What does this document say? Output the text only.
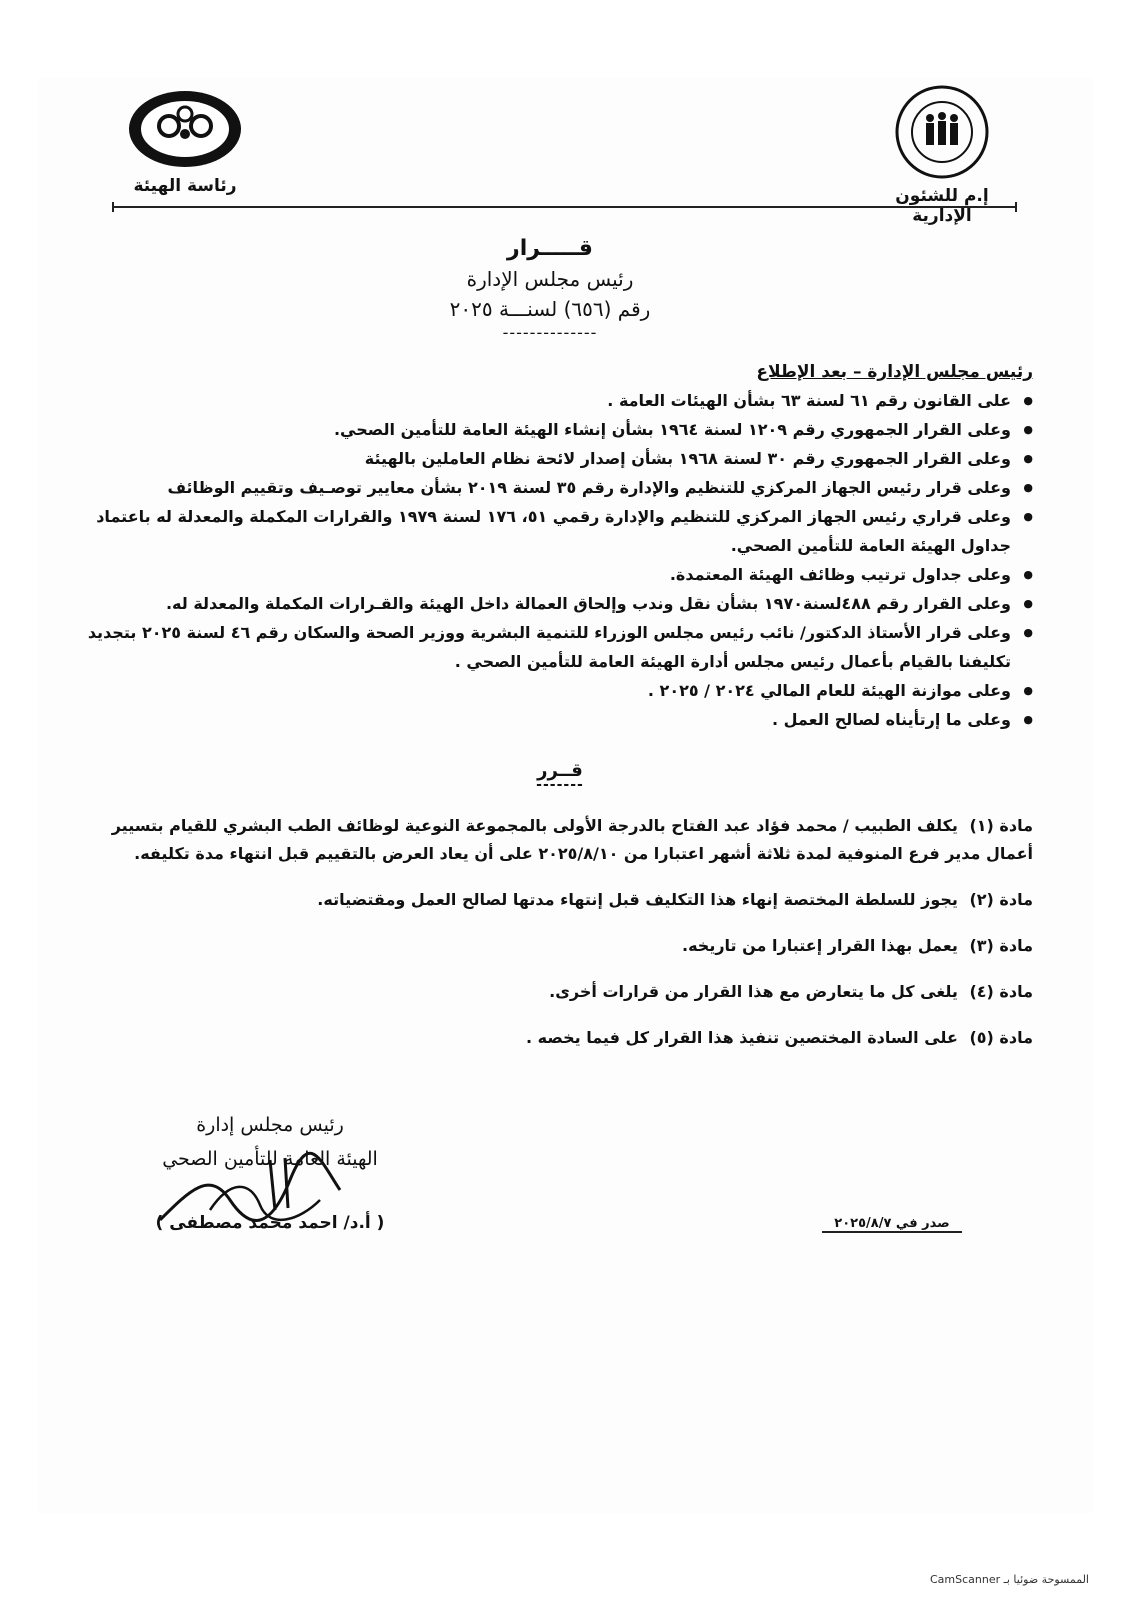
رئاسة الهيئة	إ.م للشئون الإدارية
قـــــرار
رئيس مجلس الإدارة
رقم (٦٥٦) لسنـــة ٢٠٢٥
--------------
رئيس مجلس الإدارة – بعد الإطلاع
● على القانون رقم ٦١ لسنة ٦٣ بشأن الهيئات العامة .
● وعلى القرار الجمهوري رقم ١٢٠٩ لسنة ١٩٦٤ بشأن إنشاء الهيئة العامة للتأمين الصحي.
● وعلى القرار الجمهوري رقم ٣٠ لسنة ١٩٦٨ بشأن إصدار لائحة نظام العاملين بالهيئة
● وعلى قرار رئيس الجهاز المركزي للتنظيم والإدارة رقم ٣٥ لسنة ٢٠١٩ بشأن معايير توصـيف وتقييم الوظائف
● وعلى قراري رئيس الجهاز المركزي للتنظيم والإدارة رقمي ٥١، ١٧٦ لسنة ١٩٧٩ والقرارات المكملة والمعدلة له باعتماد جداول الهيئة العامة للتأمين الصحي.
● وعلى جداول ترتيب وظائف الهيئة المعتمدة.
● وعلى القرار رقم ٤٨٨لسنة١٩٧٠ بشأن نقل وندب وإلحاق العمالة داخل الهيئة والقـرارات المكملة والمعدلة له.
● وعلى قرار الأستاذ الدكتور/ نائب رئيس مجلس الوزراء للتنمية البشرية ووزير الصحة والسكان رقم ٤٦ لسنة ٢٠٢٥ بتجديد تكليفنا بالقيام بأعمال رئيس مجلس أدارة الهيئة العامة للتأمين الصحي .
● وعلى موازنة الهيئة للعام المالي ٢٠٢٤ / ٢٠٢٥ .
● وعلى ما إرتأيناه لصالح العمل .
قــرر
-------
مادة (١) يكلف الطبيب / محمد فؤاد عبد الفتاح بالدرجة الأولى بالمجموعة النوعية لوظائف الطب البشري للقيام بتسيير أعمال مدير فرع المنوفية لمدة ثلاثة أشهر اعتبارا من ٢٠٢٥/٨/١٠ على أن يعاد العرض بالتقييم قبل انتهاء مدة تكليفه.
مادة (٢) يجوز للسلطة المختصة إنهاء هذا التكليف قبل إنتهاء مدتها لصالح العمل ومقتضياته.
مادة (٣) يعمل بهذا القرار إعتبارا من تاريخه.
مادة (٤) يلغى كل ما يتعارض مع هذا القرار من قرارات أخرى.
مادة (٥) على السادة المختصين تنفيذ هذا القرار كل فيما يخصه .
رئيس مجلس إدارة
الهيئة العامة للتأمين الصحي
( أ.د/ احمد محمد مصطفى )	صدر في ٢٠٢٥/٨/٧
الممسوحة ضوئيا بـ CamScanner
